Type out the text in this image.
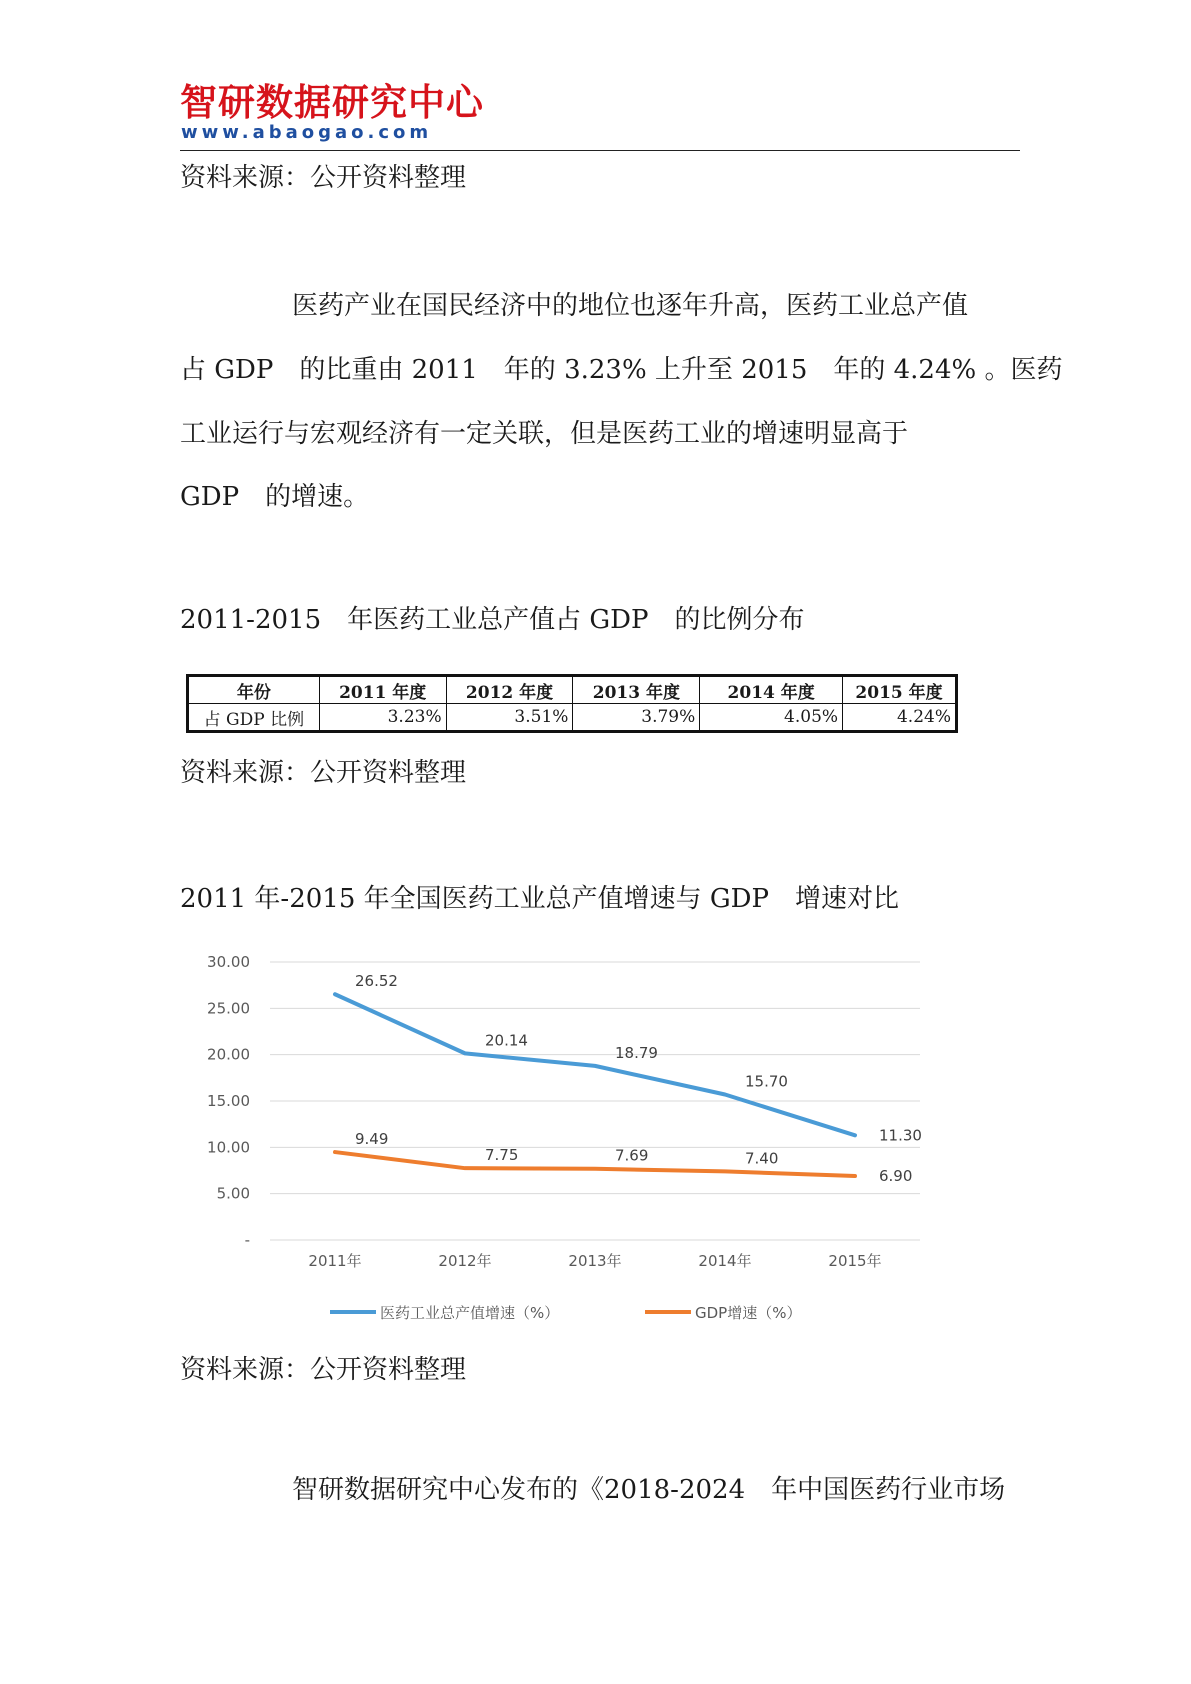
智研数据研究中心
www.abaogao.com
资料来源：公开资料整理
医药产业在国民经济中的地位也逐年升高，医药工业总产值
占 GDP　的比重由 2011　年的 3.23% 上升至 2015　年的 4.24% 。医药
工业运行与宏观经济有一定关联，但是医药工业的增速明显高于
GDP　的增速。
2011-2015　年医药工业总产值占 GDP　的比例分布
年份	2011 年度	2012 年度	2013 年度	2014 年度	2015 年度
占 GDP 比例	3.23%	3.51%	3.79%	4.05%	4.24%
资料来源：公开资料整理
2011 年-2015 年全国医药工业总产值增速与 GDP　增速对比
30.00
25.00
20.00
15.00
10.00
5.00
-
2011年	2012年	2013年	2014年	2015年
26.52
20.14
18.79
15.70
11.30
9.49
7.75	7.69	7.40
6.90
医药工业总产值增速（%）	GDP增速（%）
资料来源：公开资料整理
智研数据研究中心发布的《2018-2024　年中国医药行业市场
